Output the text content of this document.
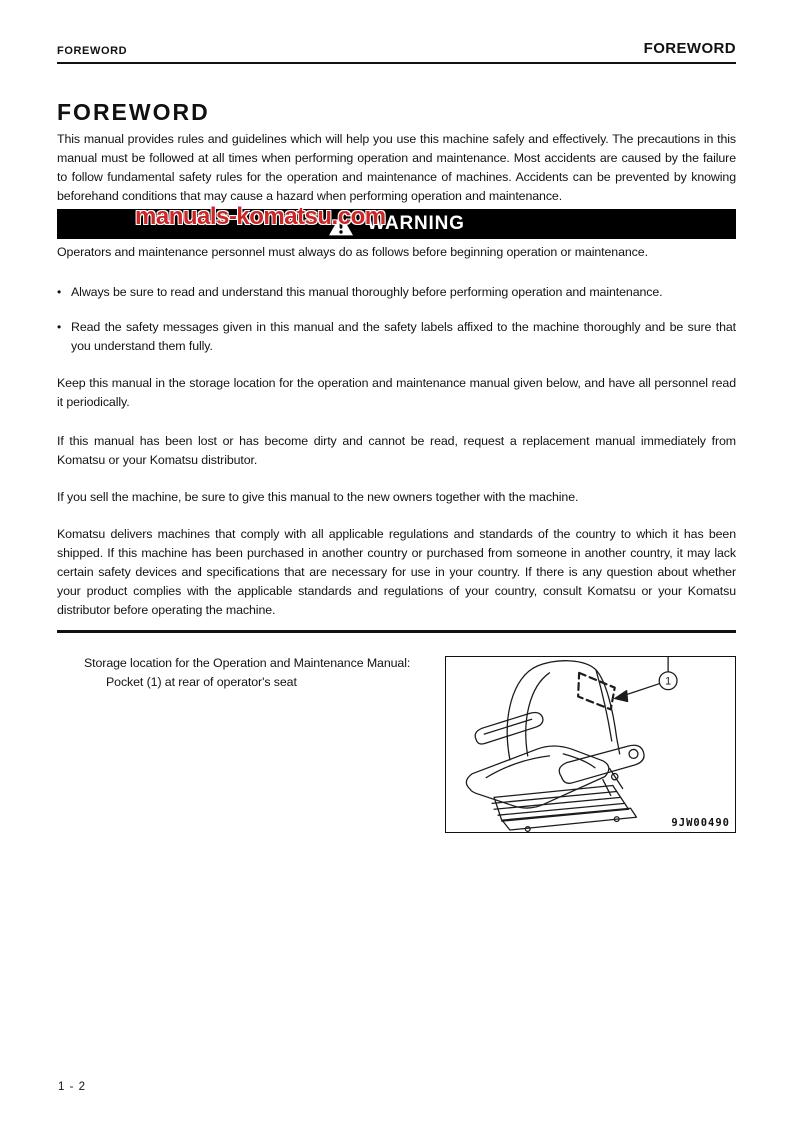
FOREWORD	FOREWORD
manuals-komatsu.com
FOREWORD

This manual provides rules and guidelines which will help you use this machine safely and effectively. The precautions in this manual must be followed at all times when performing operation and maintenance. Most accidents are caused by the failure to follow fundamental safety rules for the operation and maintenance of machines. Accidents can be prevented by knowing beforehand conditions that may cause a hazard when performing operation and maintenance.

WARNING

Operators and maintenance personnel must always do as follows before beginning operation or maintenance.

• Always be sure to read and understand this manual thoroughly before performing operation and maintenance.
• Read the safety messages given in this manual and the safety labels affixed to the machine thoroughly and be sure that you understand them fully.

Keep this manual in the storage location for the operation and maintenance manual given below, and have all personnel read it periodically.

If this manual has been lost or has become dirty and cannot be read, request a replacement manual immediately from Komatsu or your Komatsu distributor.

If you sell the machine, be sure to give this manual to the new owners together with the machine.

Komatsu delivers machines that comply with all applicable regulations and standards of the country to which it has been shipped. If this machine has been purchased in another country or purchased from someone in another country, it may lack certain safety devices and specifications that are necessary for use in your country. If there is any question about whether your product complies with the applicable standards and regulations of your country, consult Komatsu or your Komatsu distributor before operating the machine.

Storage location for the Operation and Maintenance Manual:
Pocket (1) at rear of operator's seat	1
9JW00490
1 - 2
